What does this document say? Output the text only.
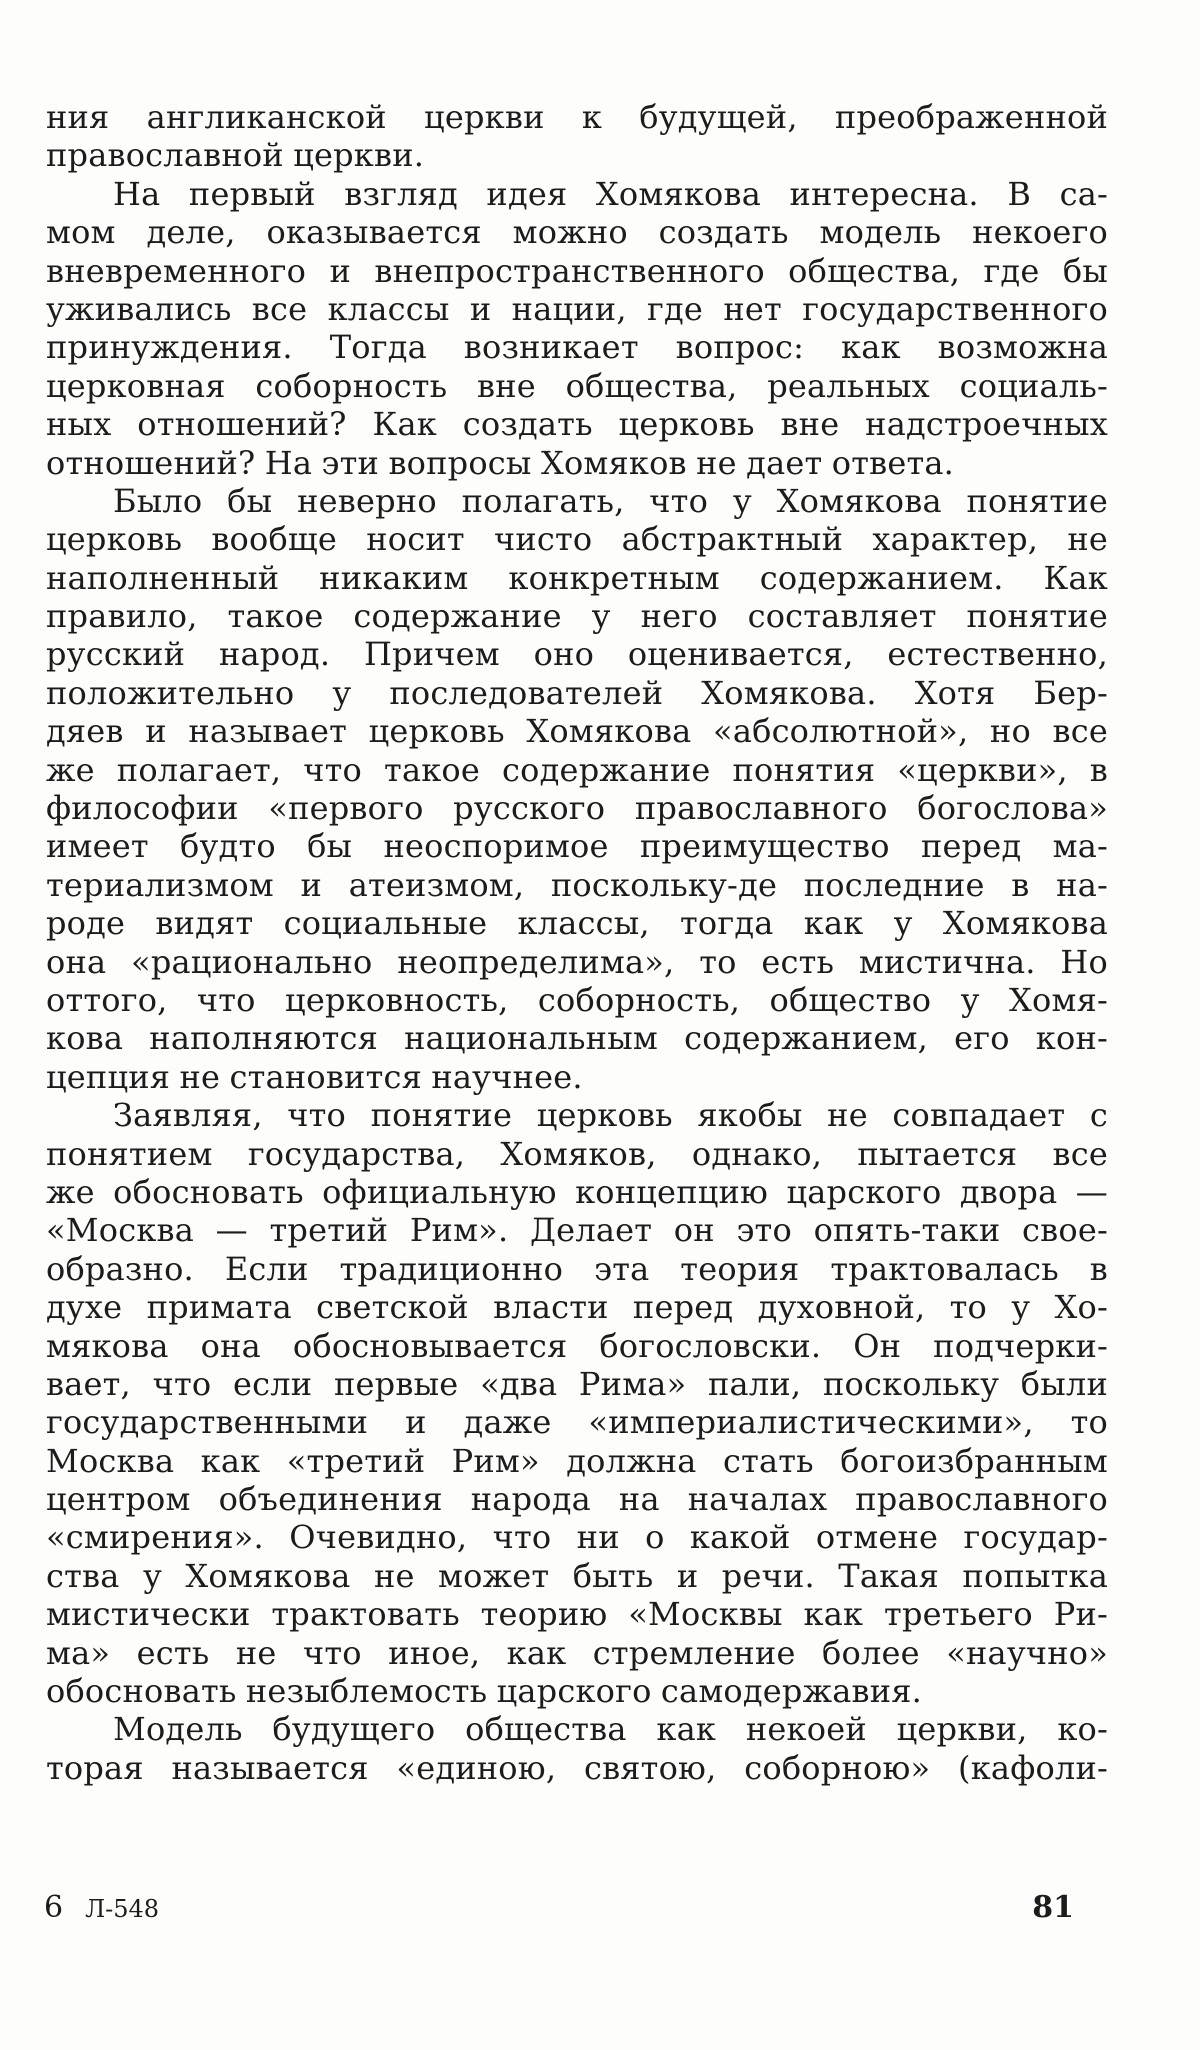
ния англиканской церкви к будущей, преображенной
православной церкви.
На первый взгляд идея Хомякова интересна. В са-
мом деле, оказывается можно создать модель некоего
вневременного и внепространственного общества, где бы
уживались все классы и нации, где нет государственного
принуждения. Тогда возникает вопрос: как возможна
церковная соборность вне общества, реальных социаль-
ных отношений? Как создать церковь вне надстроечных
отношений? На эти вопросы Хомяков не дает ответа.
Было бы неверно полагать, что у Хомякова понятие
церковь вообще носит чисто абстрактный характер, не
наполненный никаким конкретным содержанием. Как
правило, такое содержание у него составляет понятие
русский народ. Причем оно оценивается, естественно,
положительно у последователей Хомякова. Хотя Бер-
дяев и называет церковь Хомякова «абсолютной», но все
же полагает, что такое содержание понятия «церкви», в
философии «первого русского православного богослова»
имеет будто бы неоспоримое преимущество перед ма-
териализмом и атеизмом, поскольку-де последние в на-
роде видят социальные классы, тогда как у Хомякова
она «рационально неопределима», то есть мистична. Но
оттого, что церковность, соборность, общество у Хомя-
кова наполняются национальным содержанием, его кон-
цепция не становится научнее.
Заявляя, что понятие церковь якобы не совпадает с
понятием государства, Хомяков, однако, пытается все
же обосновать официальную концепцию царского двора —
«Москва — третий Рим». Делает он это опять-таки свое-
образно. Если традиционно эта теория трактовалась в
духе примата светской власти перед духовной, то у Хо-
мякова она обосновывается богословски. Он подчерки-
вает, что если первые «два Рима» пали, поскольку были
государственными и даже «империалистическими», то
Москва как «третий Рим» должна стать богоизбранным
центром объединения народа на началах православного
«смирения». Очевидно, что ни о какой отмене государ-
ства у Хомякова не может быть и речи. Такая попытка
мистически трактовать теорию «Москвы как третьего Ри-
ма» есть не что иное, как стремление более «научно»
обосновать незыблемость царского самодержавия.
Модель будущего общества как некоей церкви, ко-
торая называется «единою, святою, соборною» (кафоли-
6 Л-548	81
